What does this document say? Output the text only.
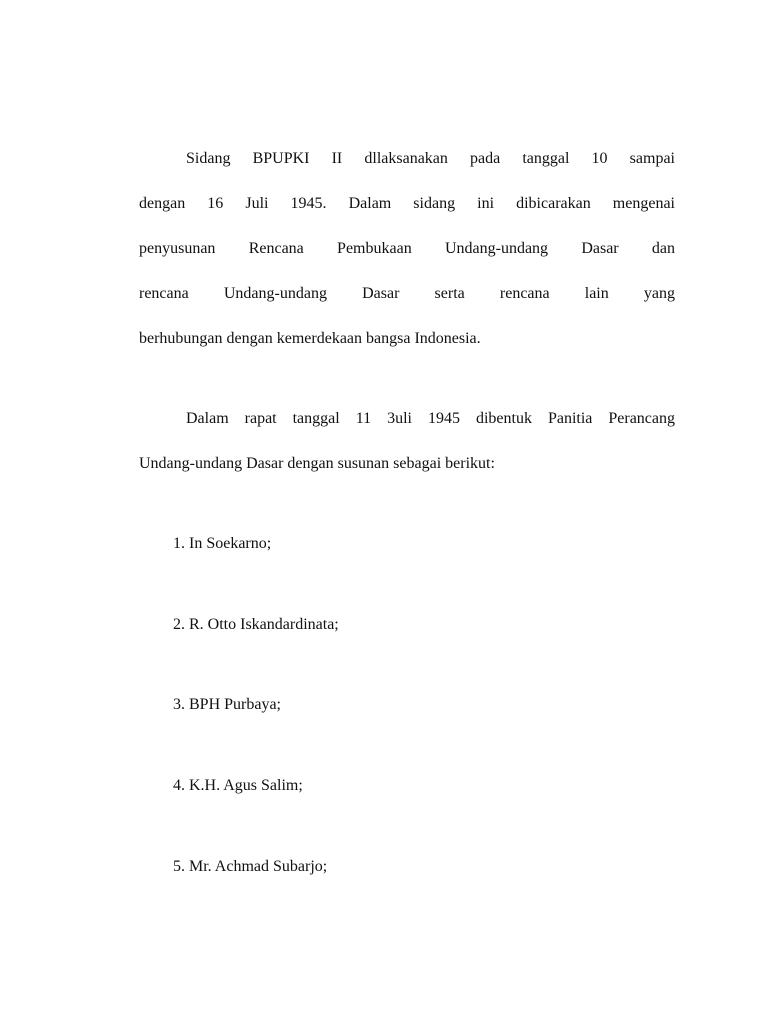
Sidang BPUPKI II dllaksanakan pada tanggal 10 sampai
dengan 16 Juli 1945. Dalam sidang ini dibicarakan mengenai
penyusunan Rencana Pembukaan Undang-undang Dasar dan
rencana Undang-undang Dasar serta rencana lain yang
berhubungan dengan kemerdekaan bangsa Indonesia.
Dalam rapat tanggal 11 3uli 1945 dibentuk Panitia Perancang
Undang-undang Dasar dengan susunan sebagai berikut:
1. In Soekarno;
2. R. Otto Iskandardinata;
3. BPH Purbaya;
4. K.H. Agus Salim;
5. Mr. Achmad Subarjo;
